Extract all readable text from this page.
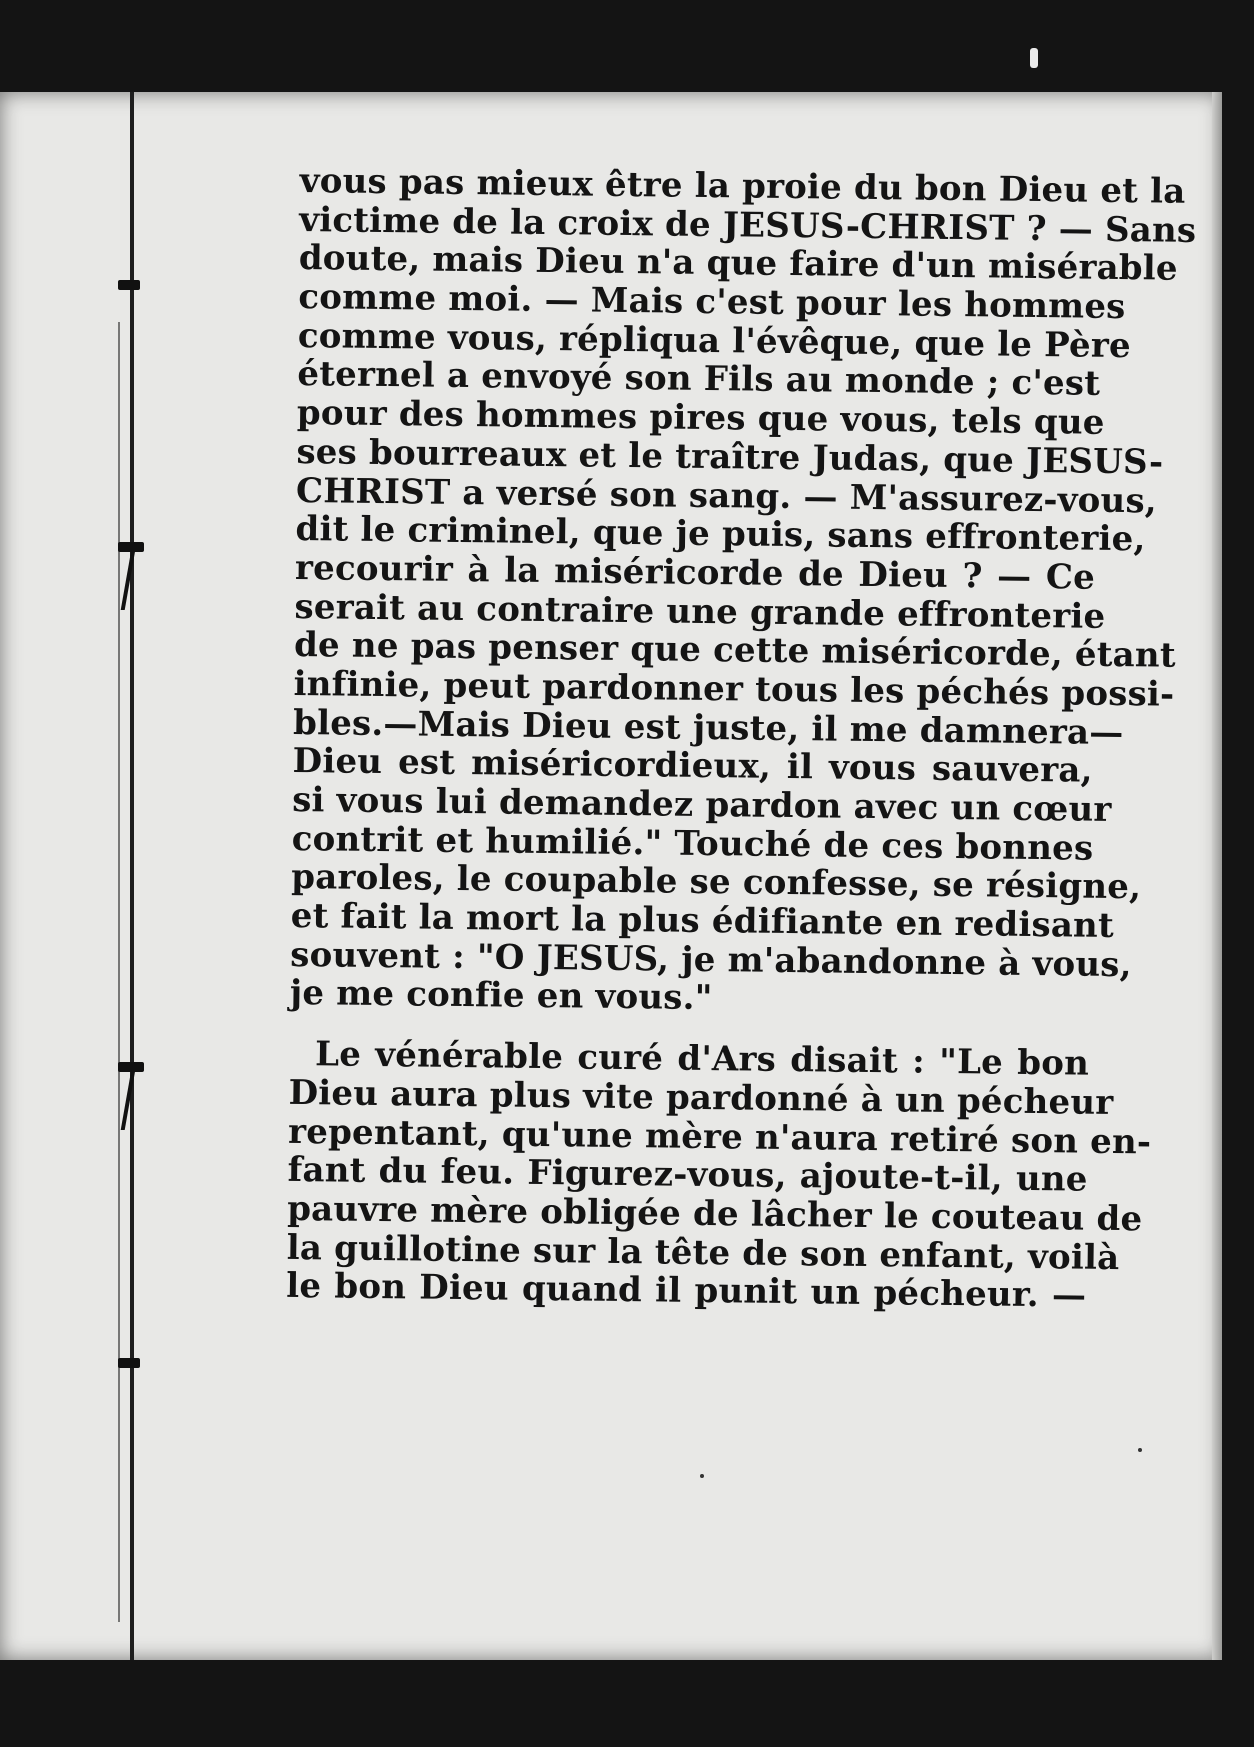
vous pas mieux être la proie du bon Dieu et la
victime de la croix de JESUS-CHRIST ? — Sans
doute, mais Dieu n'a que faire d'un misérable
comme moi. — Mais c'est pour les hommes
comme vous, répliqua l'évêque, que le Père
éternel a envoyé son Fils au monde ; c'est
pour des hommes pires que vous, tels que
ses bourreaux et le traître Judas, que JESUS-
CHRIST a versé son sang. — M'assurez-vous,
dit le criminel, que je puis, sans effronterie,
recourir à la miséricorde de Dieu ? — Ce
serait au contraire une grande effronterie
de ne pas penser que cette miséricorde, étant
infinie, peut pardonner tous les péchés possi-
bles.—Mais Dieu est juste, il me damnera—
Dieu est miséricordieux, il vous sauvera,
si vous lui demandez pardon avec un cœur
contrit et humilié." Touché de ces bonnes
paroles, le coupable se confesse, se résigne,
et fait la mort la plus édifiante en redisant
souvent : "O JESUS, je m'abandonne à vous,
je me confie en vous."
Le vénérable curé d'Ars disait : "Le bon
Dieu aura plus vite pardonné à un pécheur
repentant, qu'une mère n'aura retiré son en-
fant du feu. Figurez-vous, ajoute-t-il, une
pauvre mère obligée de lâcher le couteau de
la guillotine sur la tête de son enfant, voilà
le bon Dieu quand il punit un pécheur. —
